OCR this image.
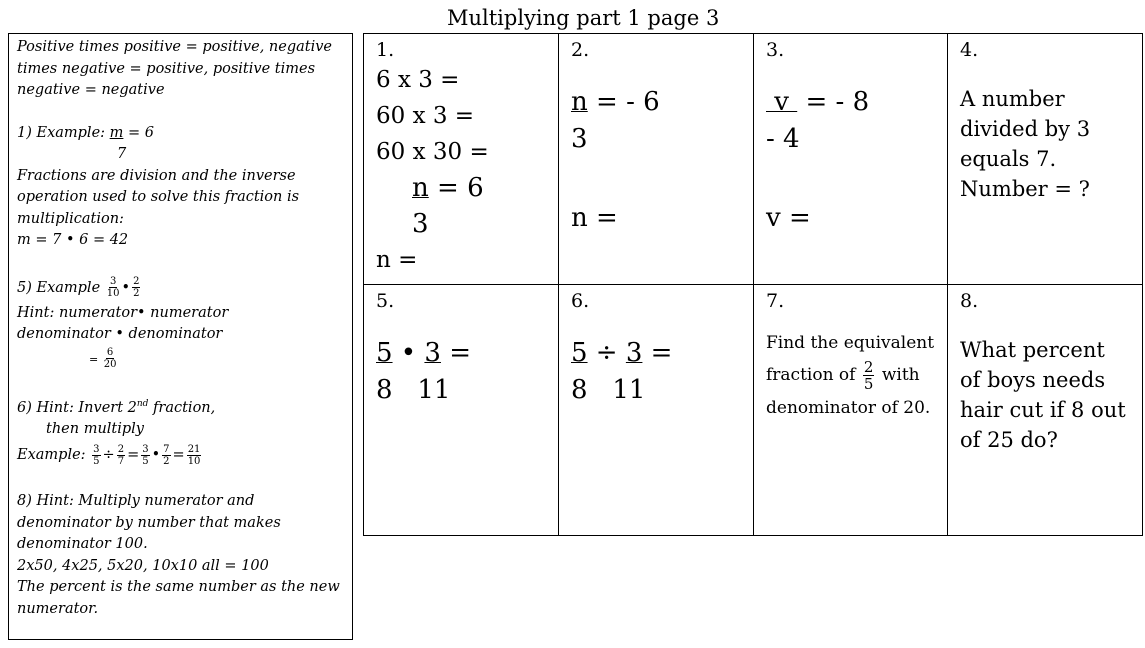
Multiplying part 1 page 3

Positive times positive = positive, negative times negative = positive, positive times negative = negative

1) Example: m = 6

7

Fractions are division and the inverse operation used to solve this fraction is multiplication:

m = 7 • 6 = 42

5) Example $\frac{3}{10}$ • $\frac{2}{2}$

Hint: numerator• numerator

denominator • denominator

= $\frac{6}{20}$

6) Hint: Invert 2nd fraction,

then multiply

Example: $\frac{3}{5} \div \frac{2}{7} = \frac{3}{5}$ • $\frac{7}{2} = \frac{21}{10}$

8) Hint: Multiply numerator and denominator by number that makes denominator 100.

2x50, 4x25, 5x20, 10x10 all = 100

The percent is the same number as the new numerator.

1.
6 x 3 =
60 x 3 =
60 x 30 =
n = 6
3
n =
2.
n = - 6
3
n =
3.
v  = - 8
- 4
v =
4.
A number divided by 3 equals 7. Number = ?
5.
5 • 3 =
8   11
6.
5 ÷ 3 =
8   11
7.
Find the equivalent
fraction of $\frac{2}{5}$ with
denominator of 20.
8.
What percent of boys needs hair cut if 8 out of 25 do?
